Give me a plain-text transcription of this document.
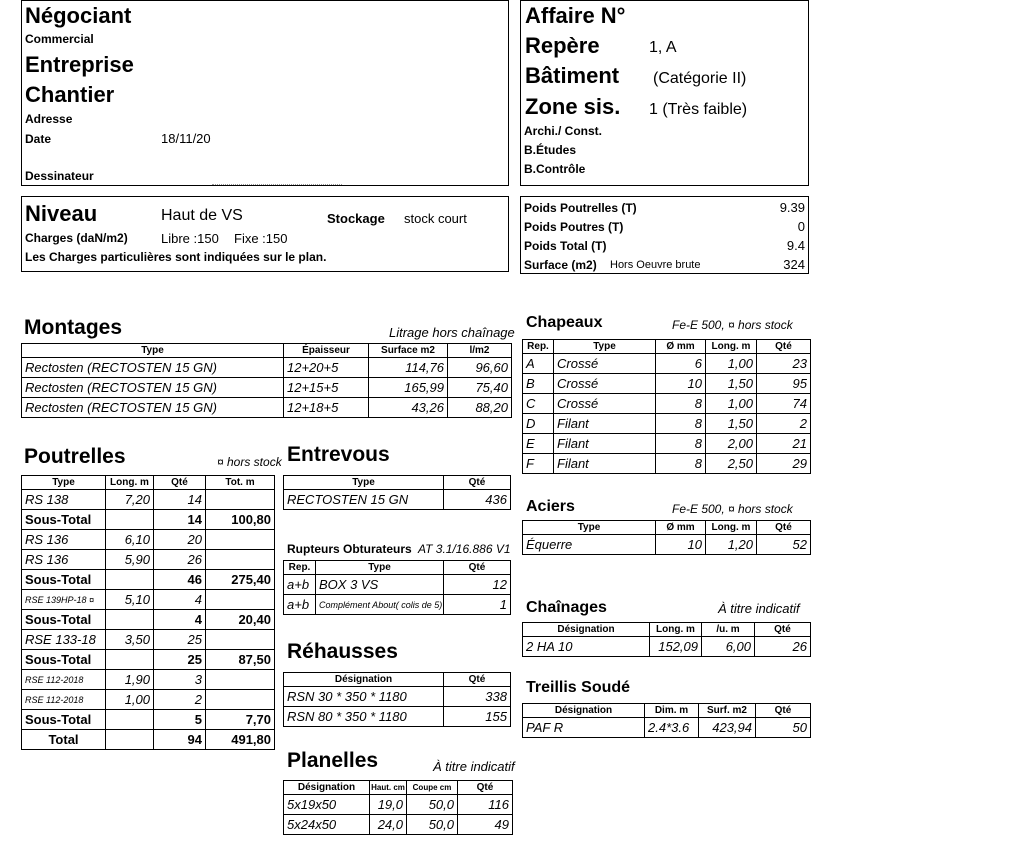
Négociant
Commercial
Entreprise
Chantier
Adresse
Date	18/11/20
Dessinateur
Affaire N°
Repère	1, A
Bâtiment (Catégorie II)
Zone sis. 1 (Très faible)
Archi./ Const.
B.Études
B.Contrôle
Niveau	Haut de VS	Stockage stock court
Charges (daN/m2)	Libre :150 Fixe :150
Les Charges particulières sont indiquées sur le plan.
Poids Poutrelles (T)	9.39
Poids Poutres (T)	0
Poids Total (T)	9.4
Surface (m2) Hors Oeuvre brute	324
Montages	Litrage hors chaînage
Type	Épaisseur	Surface m2	l/m2
Rectosten (RECTOSTEN 15 GN)	12+20+5	114,76	96,60
Rectosten (RECTOSTEN 15 GN)	12+15+5	165,99	75,40
Rectosten (RECTOSTEN 15 GN)	12+18+5	43,26	88,20
Chapeaux	Fe-E 500, ¤ hors stock
Rep.	Type	Ø mm	Long. m	Qté
A	Crossé	6	1,00	23
B	Crossé	10	1,50	95
C	Crossé	8	1,00	74
D	Filant	8	1,50	2
E	Filant	8	2,00	21
F	Filant	8	2,50	29
Poutrelles	¤ hors stock
Type	Long. m	Qté	Tot. m
RS 138	7,20	14	
Sous-Total		14	100,80
RS 136	6,10	20	
RS 136	5,90	26	
Sous-Total		46	275,40
RSE 139HP-18 ¤	5,10	4	
Sous-Total		4	20,40
RSE 133-18	3,50	25	
Sous-Total		25	87,50
RSE 112-2018	1,90	3	
RSE 112-2018	1,00	2	
Sous-Total		5	7,70
Total		94	491,80
Entrevous
Type	Qté
RECTOSTEN 15 GN	436
Rupteurs Obturateurs AT 3.1/16.886 V1
Rep.	Type	Qté
a+b	BOX 3 VS	12
a+b	Complément About( colis de 5)	1
Réhausses
Désignation	Qté
RSN 30 * 350 * 1180	338
RSN 80 * 350 * 1180	155
Planelles	À titre indicatif
Désignation	Haut. cm	Coupe cm	Qté
5x19x50	19,0	50,0	116
5x24x50	24,0	50,0	49
Aciers	Fe-E 500, ¤ hors stock
Type	Ø mm	Long. m	Qté
Équerre	10	1,20	52
Chaînages	À titre indicatif
Désignation	Long. m	/u. m	Qté
2 HA 10	152,09	6,00	26
Treillis Soudé
Désignation	Dim. m	Surf. m2	Qté
PAF R	2.4*3.6	423,94	50
